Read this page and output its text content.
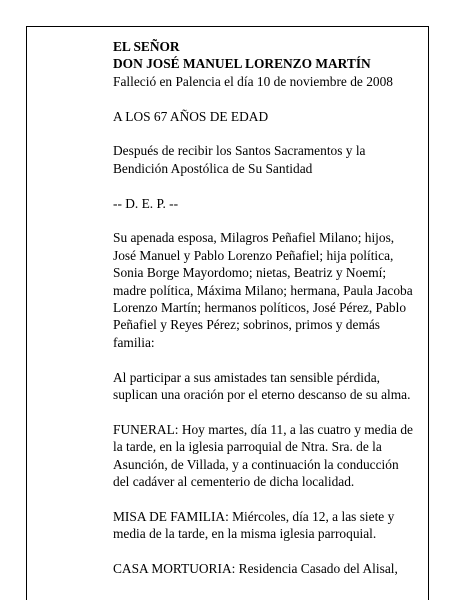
EL SEÑOR
DON JOSÉ MANUEL LORENZO MARTÍN
Falleció en Palencia el día 10 de noviembre de 2008
A LOS 67 AÑOS DE EDAD
Después de recibir los Santos Sacramentos y la
Bendición Apostólica de Su Santidad
-- D. E. P. --
Su apenada esposa, Milagros Peñafiel Milano; hijos,
José Manuel y Pablo Lorenzo Peñafiel; hija política,
Sonia Borge Mayordomo; nietas, Beatriz y Noemí;
madre política, Máxima Milano; hermana, Paula Jacoba
Lorenzo Martín; hermanos políticos, José Pérez, Pablo
Peñafiel y Reyes Pérez; sobrinos, primos y demás
familia:
Al participar a sus amistades tan sensible pérdida,
suplican una oración por el eterno descanso de su alma.
FUNERAL: Hoy martes, día 11, a las cuatro y media de
la tarde, en la iglesia parroquial de Ntra. Sra. de la
Asunción, de Villada, y a continuación la conducción
del cadáver al cementerio de dicha localidad.
MISA DE FAMILIA: Miércoles, día 12, a las siete y
media de la tarde, en la misma iglesia parroquial.
CASA MORTUORIA: Residencia Casado del Alisal,
